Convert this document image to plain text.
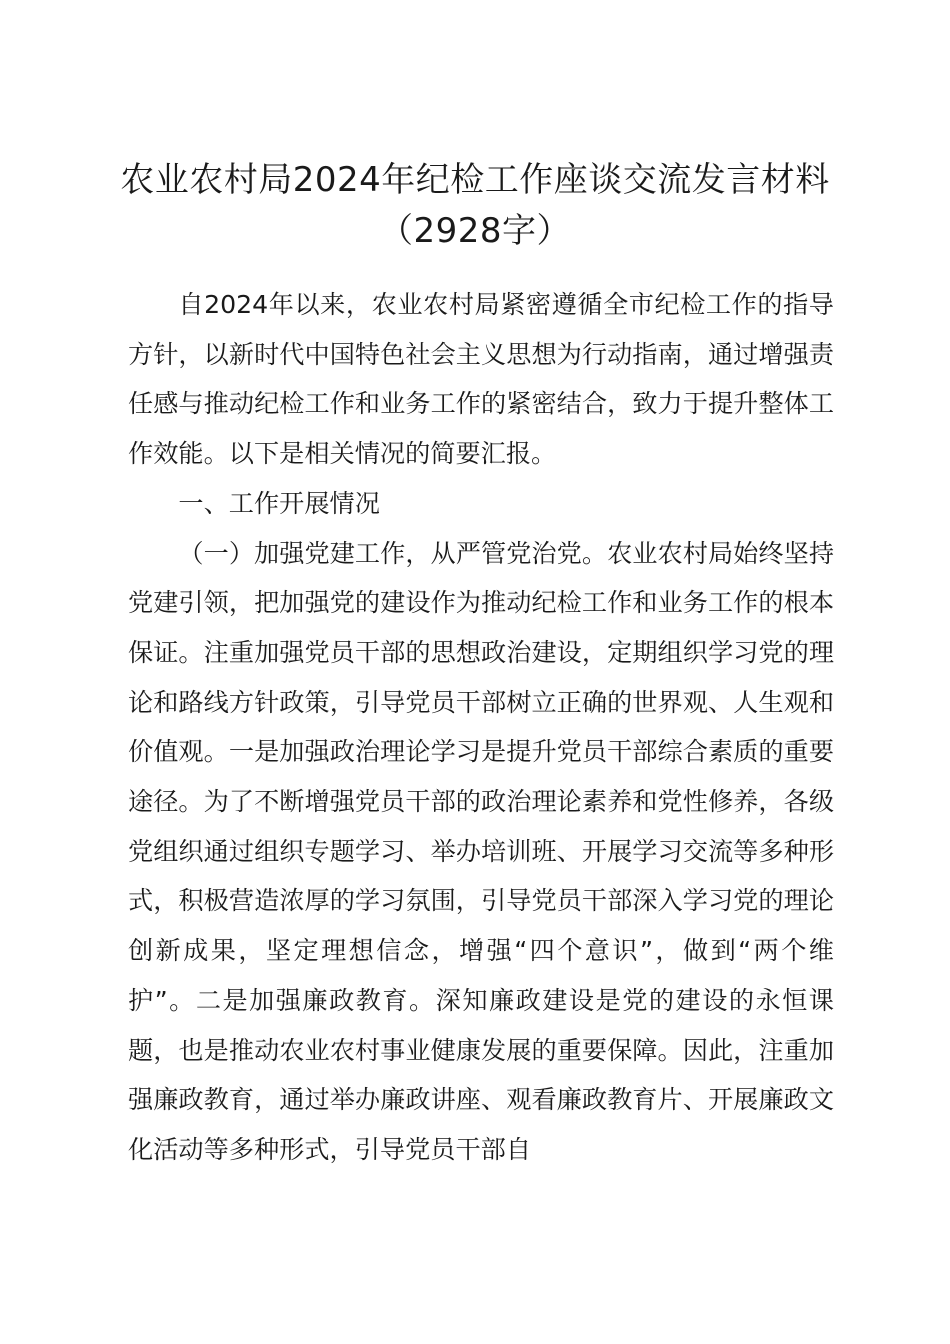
农业农村局2024年纪检工作座谈交流发言材料（2928字）

自2024年以来，农业农村局紧密遵循全市纪检工作的指导方针，以新时代中国特色社会主义思想为行动指南，通过增强责任感与推动纪检工作和业务工作的紧密结合，致力于提升整体工作效能。以下是相关情况的简要汇报。

一、工作开展情况

（一）加强党建工作，从严管党治党。农业农村局始终坚持党建引领，把加强党的建设作为推动纪检工作和业务工作的根本保证。注重加强党员干部的思想政治建设，定期组织学习党的理论和路线方针政策，引导党员干部树立正确的世界观、人生观和价值观。一是加强政治理论学习是提升党员干部综合素质的重要途径。为了不断增强党员干部的政治理论素养和党性修养，各级党组织通过组织专题学习、举办培训班、开展学习交流等多种形式，积极营造浓厚的学习氛围，引导党员干部深入学习党的理论创新成果，坚定理想信念，增强“四个意识”，做到“两个维护”。二是加强廉政教育。深知廉政建设是党的建设的永恒课题，也是推动农业农村事业健康发展的重要保障。因此，注重加强廉政教育，通过举办廉政讲座、观看廉政教育片、开展廉政文化活动等多种形式，引导党员干部自
